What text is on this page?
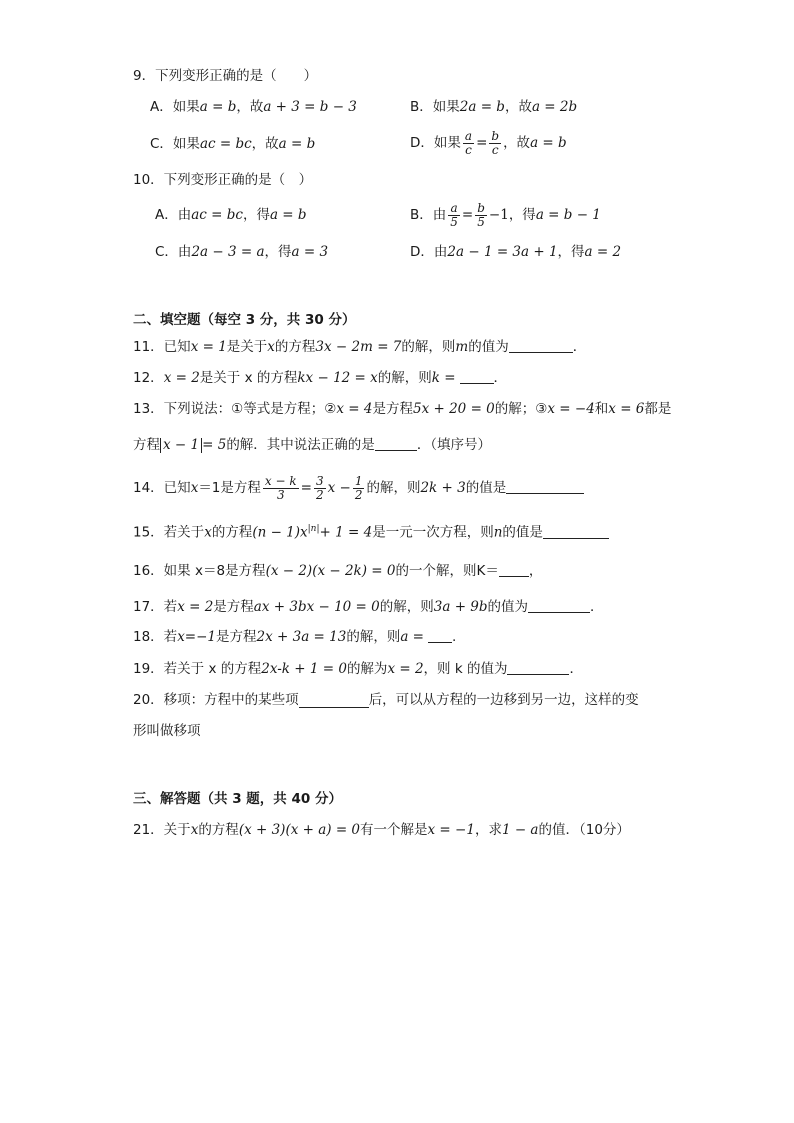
9．下列变形正确的是（　　）
A．如果a = b，故a + 3 = b − 3	B．如果2a = b，故a = 2b
C．如果ac = bc，故a = b	D．如果 $\frac{a}{c} = \frac{b}{c}$ ，故a = b
10．下列变形正确的是（　）
A．由ac = bc，得a = b	B．由 $\frac{a}{5} = \frac{b}{5} -1$，得a = b − 1
C．由2a − 3 = a，得a = 3	D．由2a − 1 = 3a + 1，得a = 2
二、填空题（每空 3 分，共 30 分）
11．已知x = 1是关于x的方程3x − 2m = 7的解，则m的值为	．
12．x = 2是关于 x 的方程kx − 12 = x的解，则k =	．
13．下列说法：①等式是方程；②x = 4是方程5x + 20 = 0的解；③x = −4和x = 6都是
方程 x − 1 = 5的解．其中说法正确的是	．（填序号）
14．已知x＝1是方程 $\frac{x - k}{3} = \frac{3}{2}$ $x - \frac{1}{2}$ 的解，则2k + 3的值是
15．若关于x的方程$(n - 1)x^{|n|}+ 1 = 4$是一元一次方程，则n的值是
16．如果 x＝8是方程(x − 2)(x − 2k) = 0的一个解，则K＝ ，
17．若x = 2是方程ax + 3bx − 10 = 0的解，则3a + 9b的值为	．
18．若x=−1是方程2x + 3a = 13的解，则a = .
19．若关于 x 的方程2x-k + 1 = 0的解为x = 2，则 k 的值为	．
20．移项：方程中的某些项	后，可以从方程的一边移到另一边，这样的变
形叫做移项
三、解答题（共 3 题，共 40 分）
21．关于x的方程(x + 3)(x + a) = 0有一个解是x = −1，求1 − a的值．（10分）
